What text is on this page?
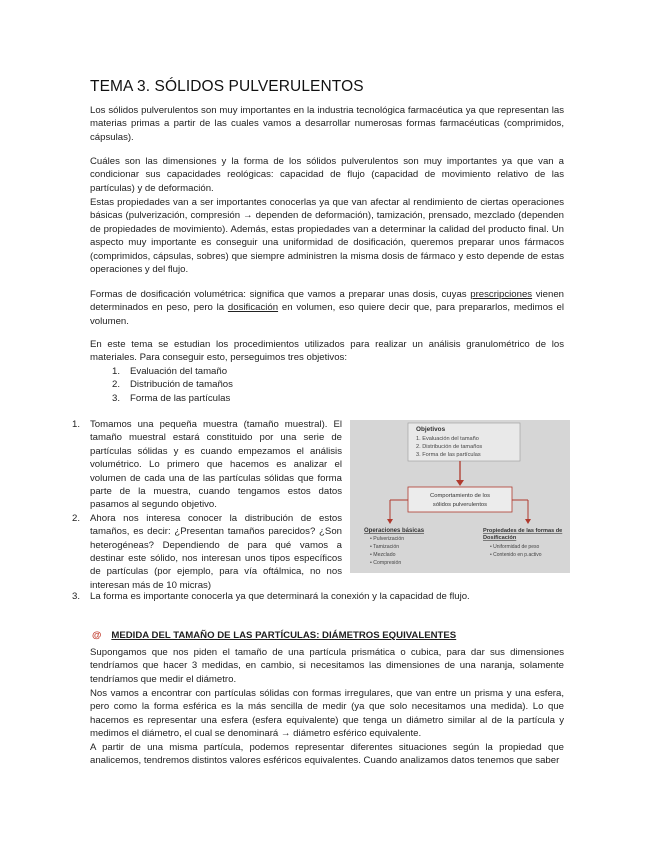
TEMA 3. SÓLIDOS PULVERULENTOS

Los sólidos pulverulentos son muy importantes en la industria tecnológica farmacéutica ya que representan las materias primas a partir de las cuales vamos a desarrollar numerosas formas farmacéuticas (comprimidos, cápsulas).

Cuáles son las dimensiones y la forma de los sólidos pulverulentos son muy importantes ya que van a condicionar sus capacidades reológicas: capacidad de flujo (capacidad de movimiento relativo de las partículas) y de deformación.

Estas propiedades van a ser importantes conocerlas ya que van afectar al rendimiento de ciertas operaciones básicas (pulverización, compresión → dependen de deformación), tamización, prensado, mezclado (dependen de propiedades de movimiento). Además, estas propiedades van a determinar la calidad del producto final. Un aspecto muy importante es conseguir una uniformidad de dosificación, queremos preparar unos fármacos (comprimidos, cápsulas, sobres) que siempre administren la misma dosis de fármaco y esto depende de estas operaciones y del flujo.

Formas de dosificación volumétrica: significa que vamos a preparar unas dosis, cuyas prescripciones vienen determinados en peso, pero la dosificación en volumen, eso quiere decir que, para prepararlos, medimos el volumen.

En este tema se estudian los procedimientos utilizados para realizar un análisis granulométrico de los materiales. Para conseguir esto, perseguimos tres objetivos:

1. Evaluación del tamaño
2. Distribución de tamaños
3. Forma de las partículas
1. Tomamos una pequeña muestra (tamaño muestral). El tamaño muestral estará constituido por una serie de partículas sólidas y es cuando empezamos el análisis volumétrico. Lo primero que hacemos es analizar el volumen de cada una de las partículas sólidas que forma parte de la muestra, cuando tengamos estos datos pasamos al segundo objetivo.
2. Ahora nos interesa conocer la distribución de estos tamaños, es decir: ¿Presentan tamaños parecidos? ¿Son heterogéneas? Dependiendo de para qué vamos a destinar este sólido, nos interesan unos tipos específicos de partículas (por ejemplo, para vía oftálmica, no nos interesan más de 10 micras)
3. La forma es importante conocerla ya que determinará la conexión y la capacidad de flujo.
Objetivos
1. Evaluación del tamaño
2. Distribución de tamaños
3. Forma de las partículas
Comportamiento de los
sólidos pulverulentos
Operaciones básicas
• Pulverización
• Tamización
• Mezclado
• Compresión
Propiedades de las formas de
Dosificación
• Uniformidad de peso
• Contenido en p.activo
@ MEDIDA DEL TAMAÑO DE LAS PARTÍCULAS: DIÁMETROS EQUIVALENTES

Supongamos que nos piden el tamaño de una partícula prismática o cubica, para dar sus dimensiones tendríamos que hacer 3 medidas, en cambio, si necesitamos las dimensiones de una naranja, solamente tendríamos que medir el diámetro.

Nos vamos a encontrar con partículas sólidas con formas irregulares, que van entre un prisma y una esfera, pero como la forma esférica es la más sencilla de medir (ya que solo necesitamos una medida). Lo que hacemos es representar una esfera (esfera equivalente) que tenga un diámetro similar al de la partícula y medimos el diámetro, el cual se denominará → diámetro esférico equivalente.

A partir de una misma partícula, podemos representar diferentes situaciones según la propiedad que analicemos, tendremos distintos valores esféricos equivalentes. Cuando analizamos datos tenemos que saber
